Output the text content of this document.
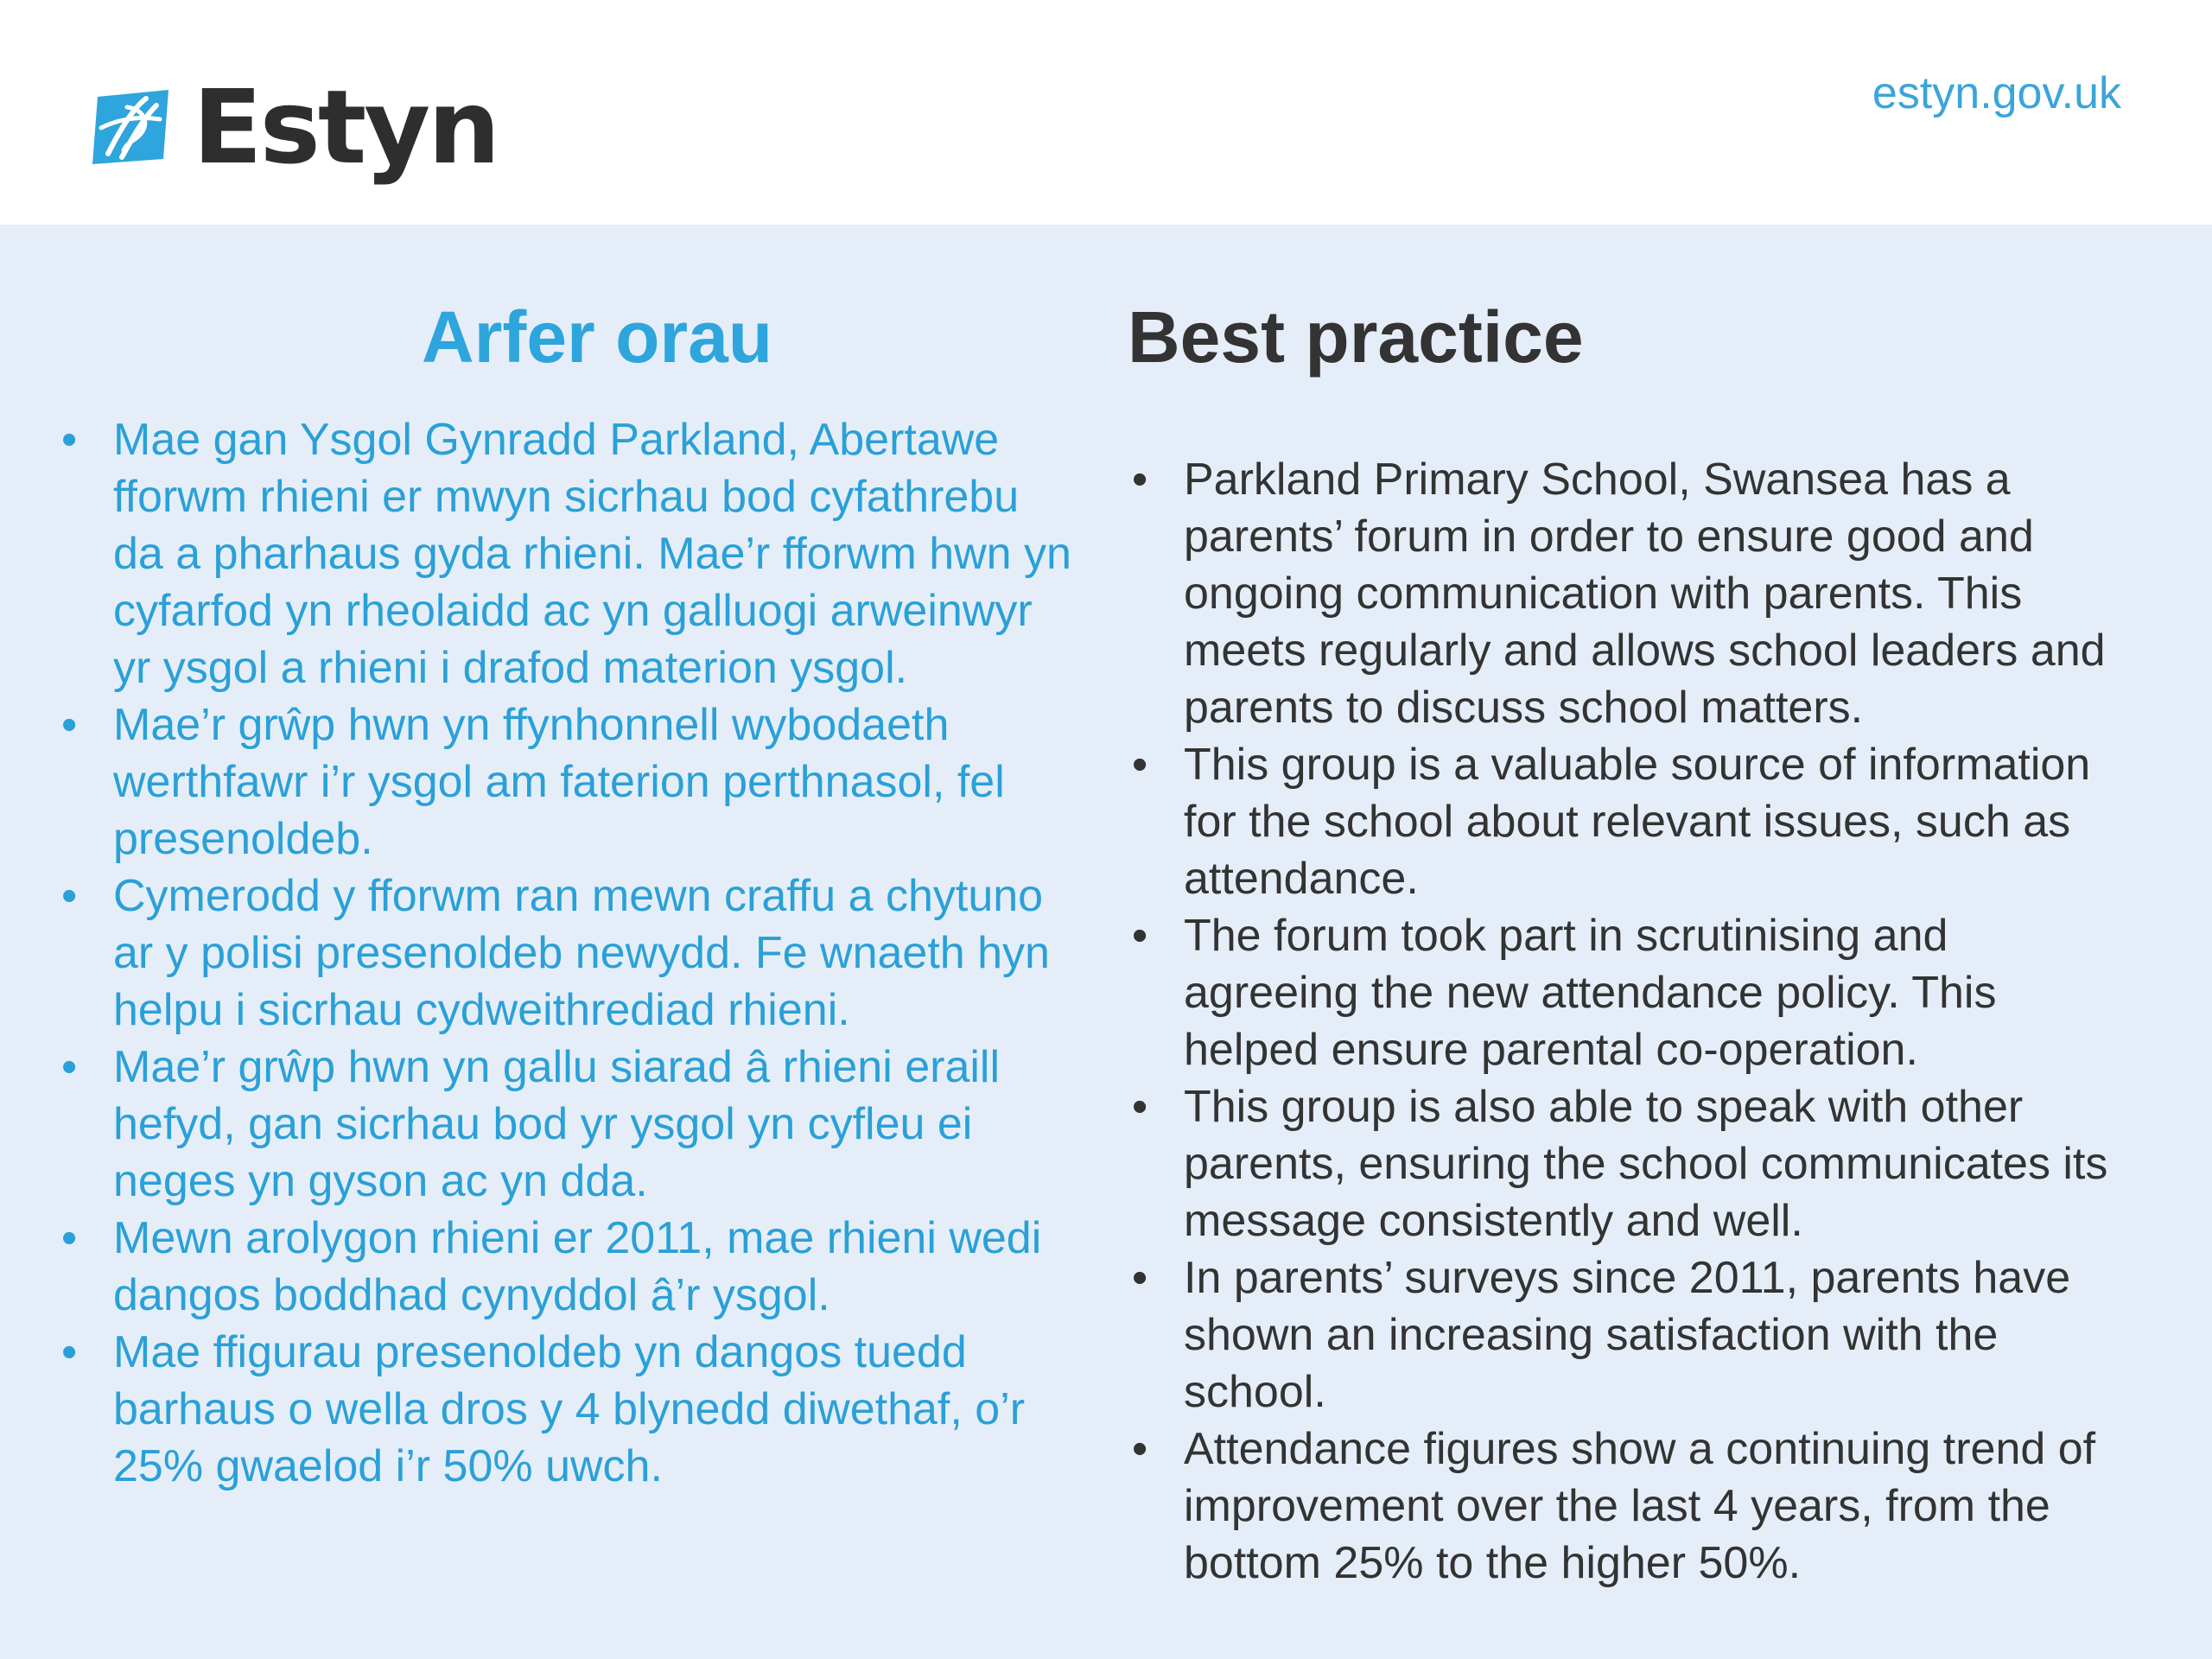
Estyn	estyn.gov.uk
Arfer orau	Best practice
• Mae gan Ysgol Gynradd Parkland, Abertawe fforwm rhieni er mwyn sicrhau bod cyfathrebu da a pharhaus gyda rhieni. Mae’r fforwm hwn yn cyfarfod yn rheolaidd ac yn galluogi arweinwyr yr ysgol a rhieni i drafod materion ysgol.
• Mae’r grŵp hwn yn ffynhonnell wybodaeth werthfawr i’r ysgol am faterion perthnasol, fel presenoldeb.
• Cymerodd y fforwm ran mewn craffu a chytuno ar y polisi presenoldeb newydd. Fe wnaeth hyn helpu i sicrhau cydweithrediad rhieni.
• Mae’r grŵp hwn yn gallu siarad â rhieni eraill hefyd, gan sicrhau bod yr ysgol yn cyfleu ei neges yn gyson ac yn dda.
• Mewn arolygon rhieni er 2011, mae rhieni wedi dangos boddhad cynyddol â’r ysgol.
• Mae ffigurau presenoldeb yn dangos tuedd barhaus o wella dros y 4 blynedd diwethaf, o’r 25% gwaelod i’r 50% uwch.
• Parkland Primary School, Swansea has a parents’ forum in order to ensure good and ongoing communication with parents. This meets regularly and allows school leaders and parents to discuss school matters.
• This group is a valuable source of information for the school about relevant issues, such as attendance.
• The forum took part in scrutinising and agreeing the new attendance policy. This helped ensure parental co-operation.
• This group is also able to speak with other parents, ensuring the school communicates its message consistently and well.
• In parents’ surveys since 2011, parents have shown an increasing satisfaction with the school.
• Attendance figures show a continuing trend of improvement over the last 4 years, from the bottom 25% to the higher 50%.
